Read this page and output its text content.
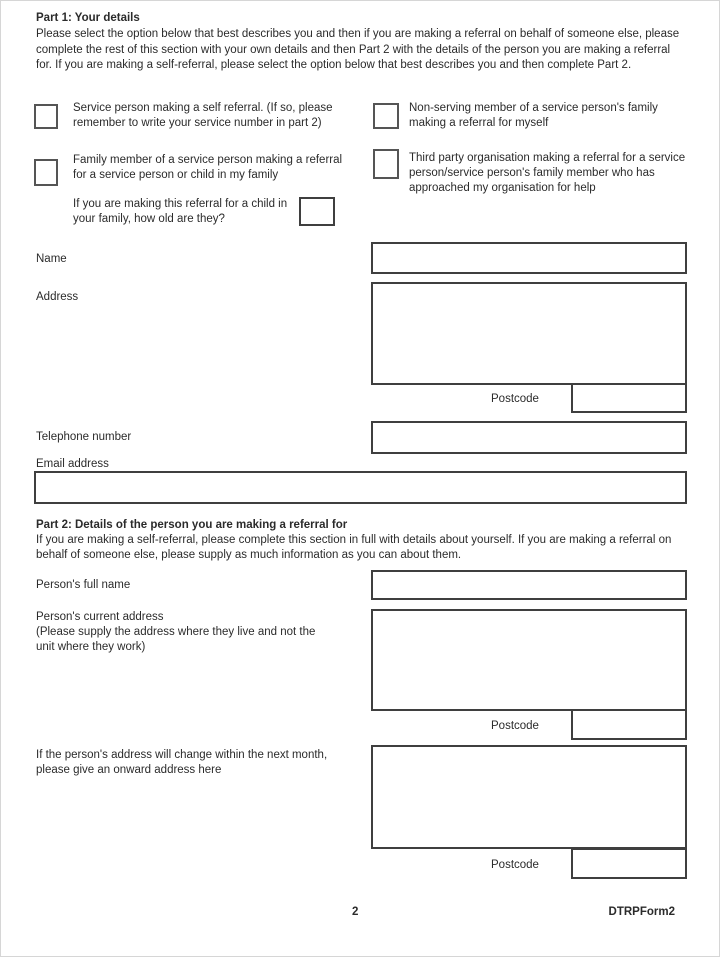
Part 1: Your details
Please select the option below that best describes you and then if you are making a referral on behalf of someone else, please complete the rest of this section with your own details and then Part 2 with the details of the person you are making a referral for. If you are making a self-referral, please select the option below that best describes you and then complete Part 2.
Service person making a self referral. (If so, please remember to write your service number in part 2)
Non-serving member of a service person's family making a referral for myself
Family member of a service person making a referral for a service person or child in my family
Third party organisation making a referral for a service person/service person's family member who has approached my organisation for help
If you are making this referral for a child in your family, how old are they?
Name
Address
Postcode
Telephone number
Email address
Part 2: Details of the person you are making a referral for
If you are making a self-referral, please complete this section in full with details about yourself. If you are making a referral on behalf of someone else, please supply as much information as you can about them.
Person's full name
Person's current address
(Please supply the address where they live and not the unit where they work)
Postcode
If the person's address will change within the next month, please give an onward address here
Postcode
2	DTRPForm2
